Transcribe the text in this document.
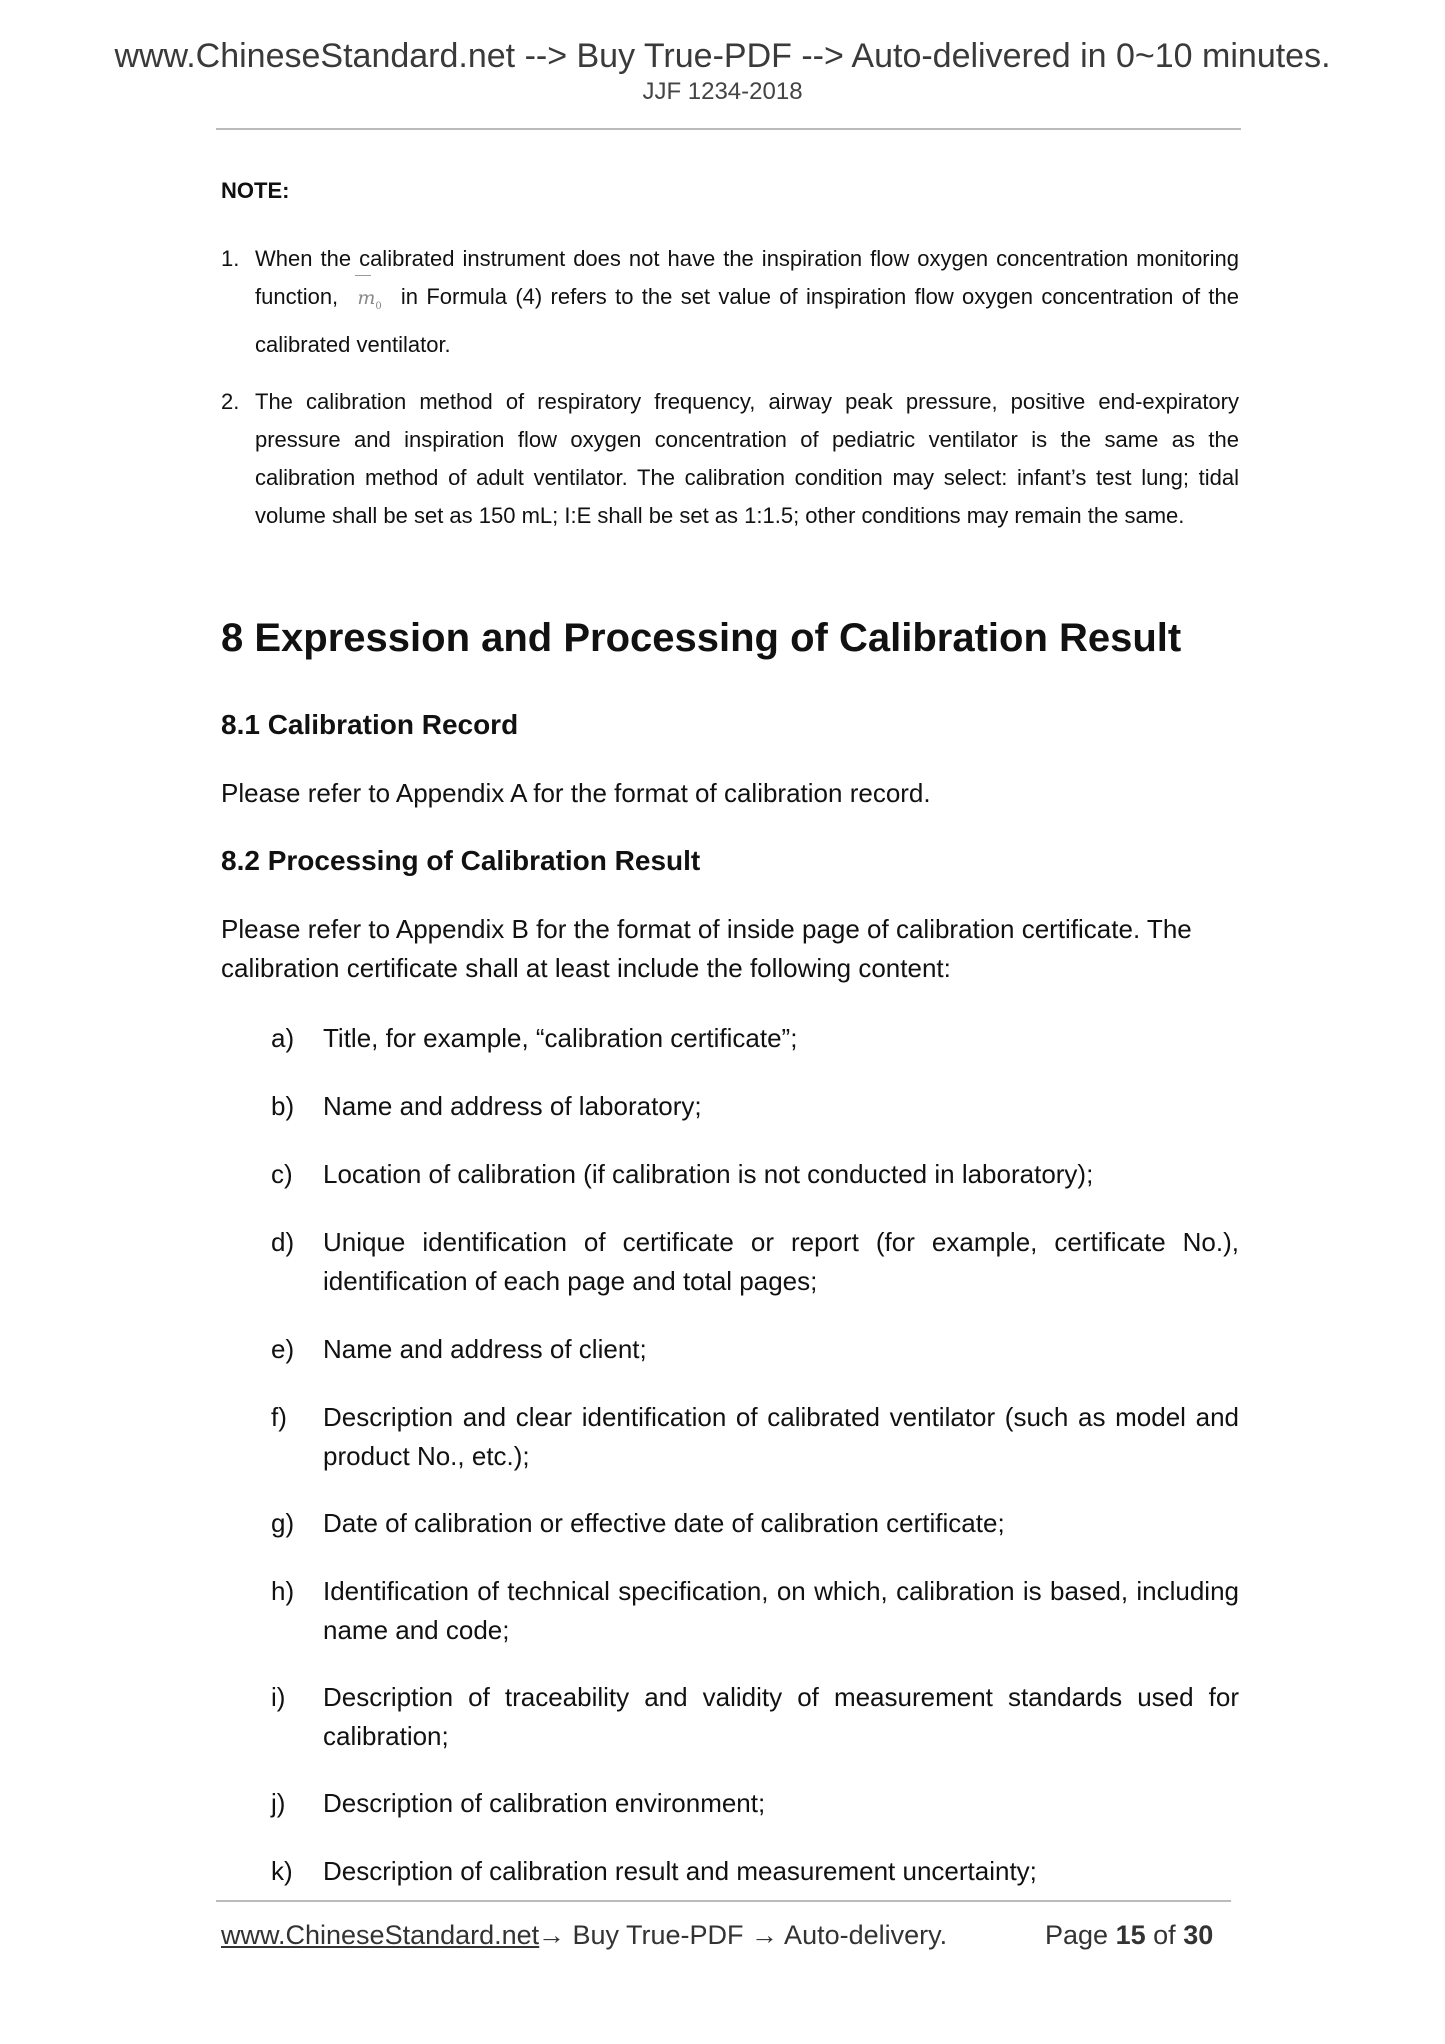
www.ChineseStandard.net --> Buy True-PDF --> Auto-delivered in 0~10 minutes.
JJF 1234-2018
NOTE:
1. When the calibrated instrument does not have the inspiration flow oxygen concentration monitoring function, $m_0$ in Formula (4) refers to the set value of inspiration flow oxygen concentration of the calibrated ventilator.
2. The calibration method of respiratory frequency, airway peak pressure, positive end-expiratory pressure and inspiration flow oxygen concentration of pediatric ventilator is the same as the calibration method of adult ventilator. The calibration condition may select: infant’s test lung; tidal volume shall be set as 150 mL; I:E shall be set as 1:1.5; other conditions may remain the same.
8 Expression and Processing of Calibration Result
8.1 Calibration Record
Please refer to Appendix A for the format of calibration record.
8.2 Processing of Calibration Result
Please refer to Appendix B for the format of inside page of calibration certificate. The calibration certificate shall at least include the following content:
a) Title, for example, “calibration certificate”;
b) Name and address of laboratory;
c) Location of calibration (if calibration is not conducted in laboratory);
d) Unique identification of certificate or report (for example, certificate No.), identification of each page and total pages;
e) Name and address of client;
f) Description and clear identification of calibrated ventilator (such as model and product No., etc.);
g) Date of calibration or effective date of calibration certificate;
h) Identification of technical specification, on which, calibration is based, including name and code;
i) Description of traceability and validity of measurement standards used for calibration;
j) Description of calibration environment;
k) Description of calibration result and measurement uncertainty;
www.ChineseStandard.net
→ Buy True-PDF → Auto-delivery.	Page 15 of 30
